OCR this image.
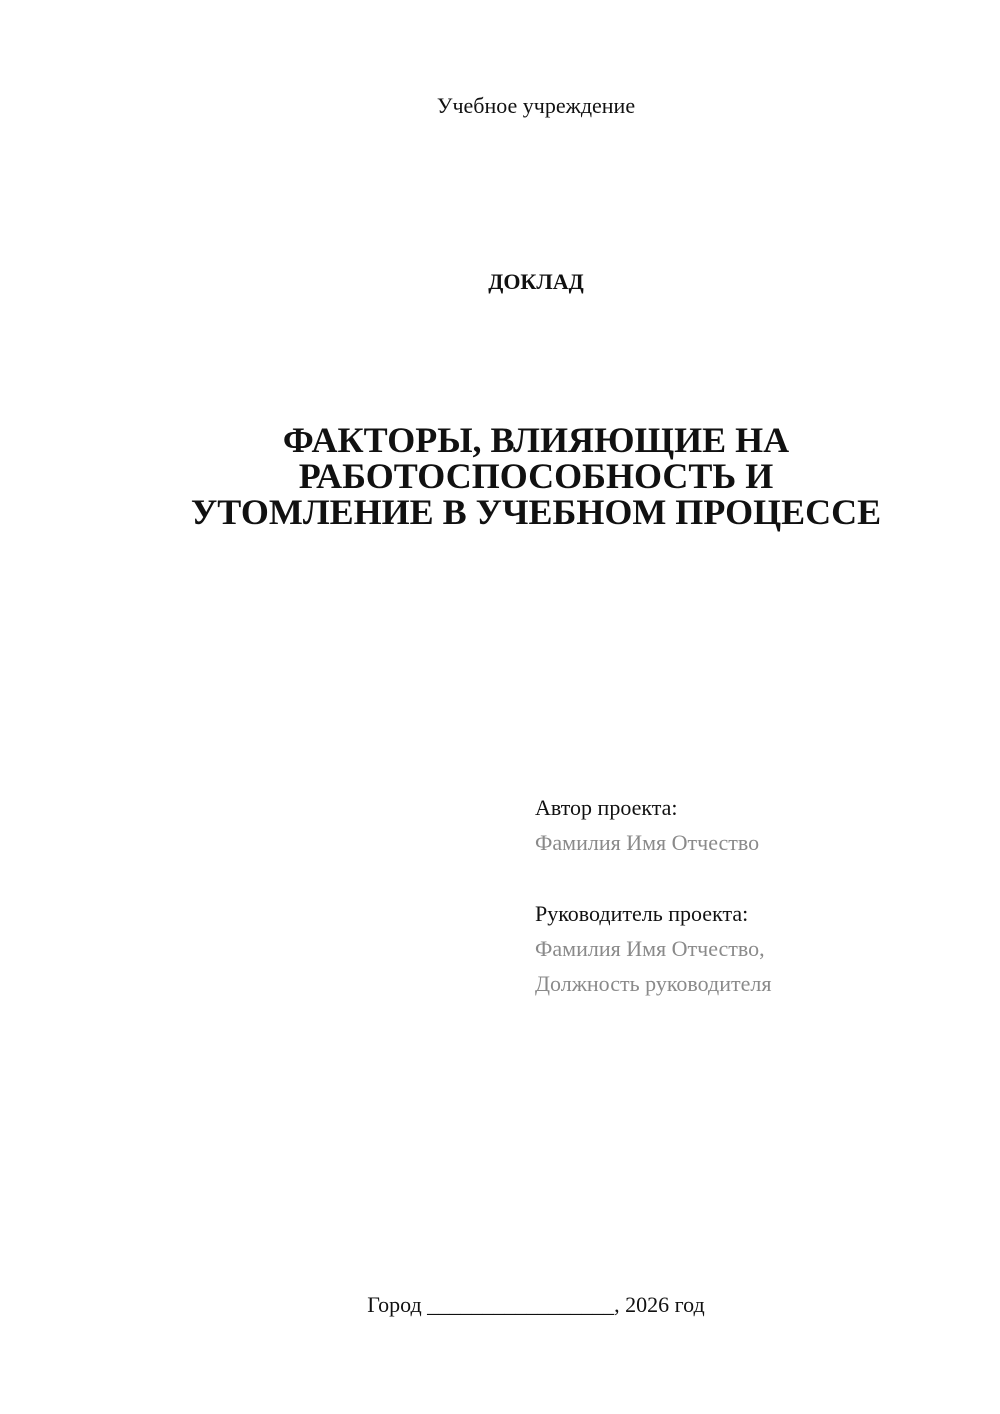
Учебное учреждение
ДОКЛАД
ФАКТОРЫ, ВЛИЯЮЩИЕ НА
РАБОТОСПОСОБНОСТЬ И
УТОМЛЕНИЕ В УЧЕБНОМ ПРОЦЕССЕ
Автор проекта:
Фамилия Имя Отчество
Руководитель проекта:
Фамилия Имя Отчество,
Должность руководителя
Город _________________, 2026 год
